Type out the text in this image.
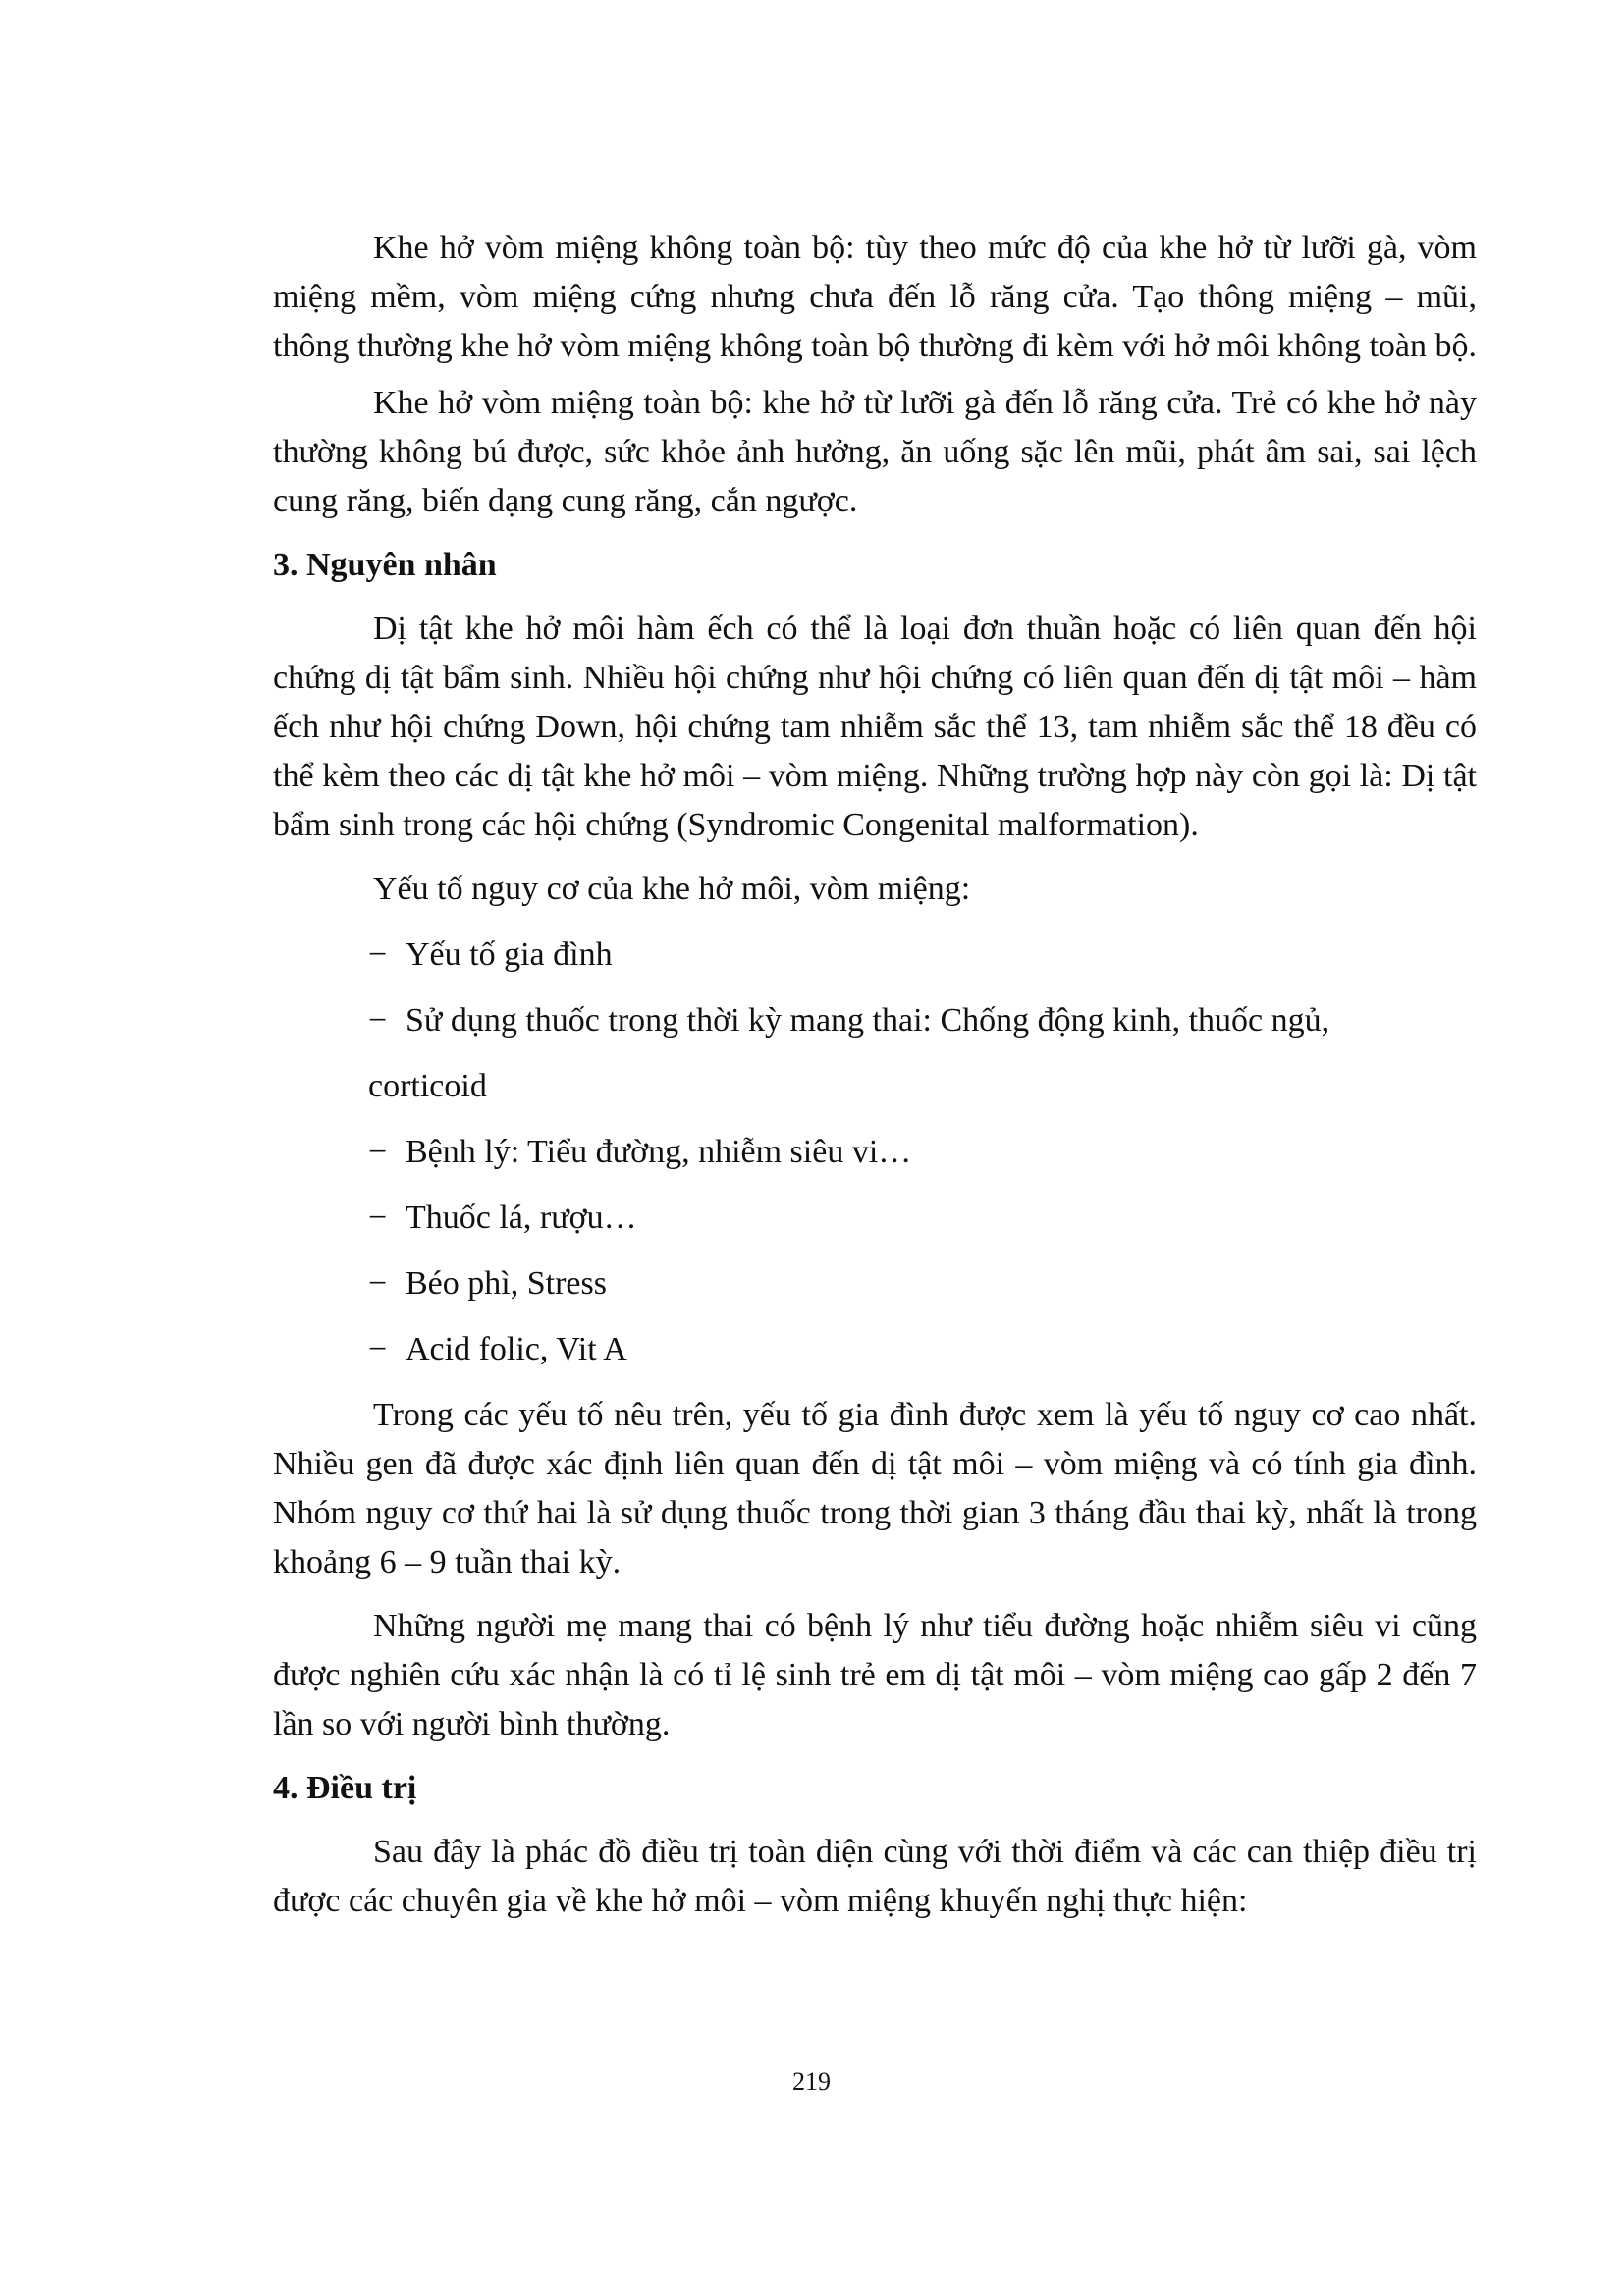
Khe hở vòm miệng không toàn bộ: tùy theo mức độ của khe hở từ lưỡi gà, vòm miệng mềm, vòm miệng cứng nhưng chưa đến lỗ răng cửa. Tạo thông miệng – mũi, thông thường khe hở vòm miệng không toàn bộ thường đi kèm với hở môi không toàn bộ.

Khe hở vòm miệng toàn bộ: khe hở từ lưỡi gà đến lỗ răng cửa. Trẻ có khe hở này thường không bú được, sức khỏe ảnh hưởng, ăn uống sặc lên mũi, phát âm sai, sai lệch cung răng, biến dạng cung răng, cắn ngược.

3. Nguyên nhân

Dị tật khe hở môi hàm ếch có thể là loại đơn thuần hoặc có liên quan đến hội chứng dị tật bẩm sinh. Nhiều hội chứng như hội chứng có liên quan đến dị tật môi – hàm ếch như hội chứng Down, hội chứng tam nhiễm sắc thể 13, tam nhiễm sắc thể 18 đều có thể kèm theo các dị tật khe hở môi – vòm miệng. Những trường hợp này còn gọi là: Dị tật bẩm sinh trong các hội chứng (Syndromic Congenital malformation).

Yếu tố nguy cơ của khe hở môi, vòm miệng:

− Yếu tố gia đình

− Sử dụng thuốc trong thời kỳ mang thai: Chống động kinh, thuốc ngủ,

corticoid

− Bệnh lý: Tiểu đường, nhiễm siêu vi…

− Thuốc lá, rượu…

− Béo phì, Stress

− Acid folic, Vit A

Trong các yếu tố nêu trên, yếu tố gia đình được xem là yếu tố nguy cơ cao nhất. Nhiều gen đã được xác định liên quan đến dị tật môi – vòm miệng và có tính gia đình. Nhóm nguy cơ thứ hai là sử dụng thuốc trong thời gian 3 tháng đầu thai kỳ, nhất là trong khoảng 6 – 9 tuần thai kỳ.

Những người mẹ mang thai có bệnh lý như tiểu đường hoặc nhiễm siêu vi cũng được nghiên cứu xác nhận là có tỉ lệ sinh trẻ em dị tật môi – vòm miệng cao gấp 2 đến 7 lần so với người bình thường.

4. Điều trị

Sau đây là phác đồ điều trị toàn diện cùng với thời điểm và các can thiệp điều trị được các chuyên gia về khe hở môi – vòm miệng khuyến nghị thực hiện:

219
